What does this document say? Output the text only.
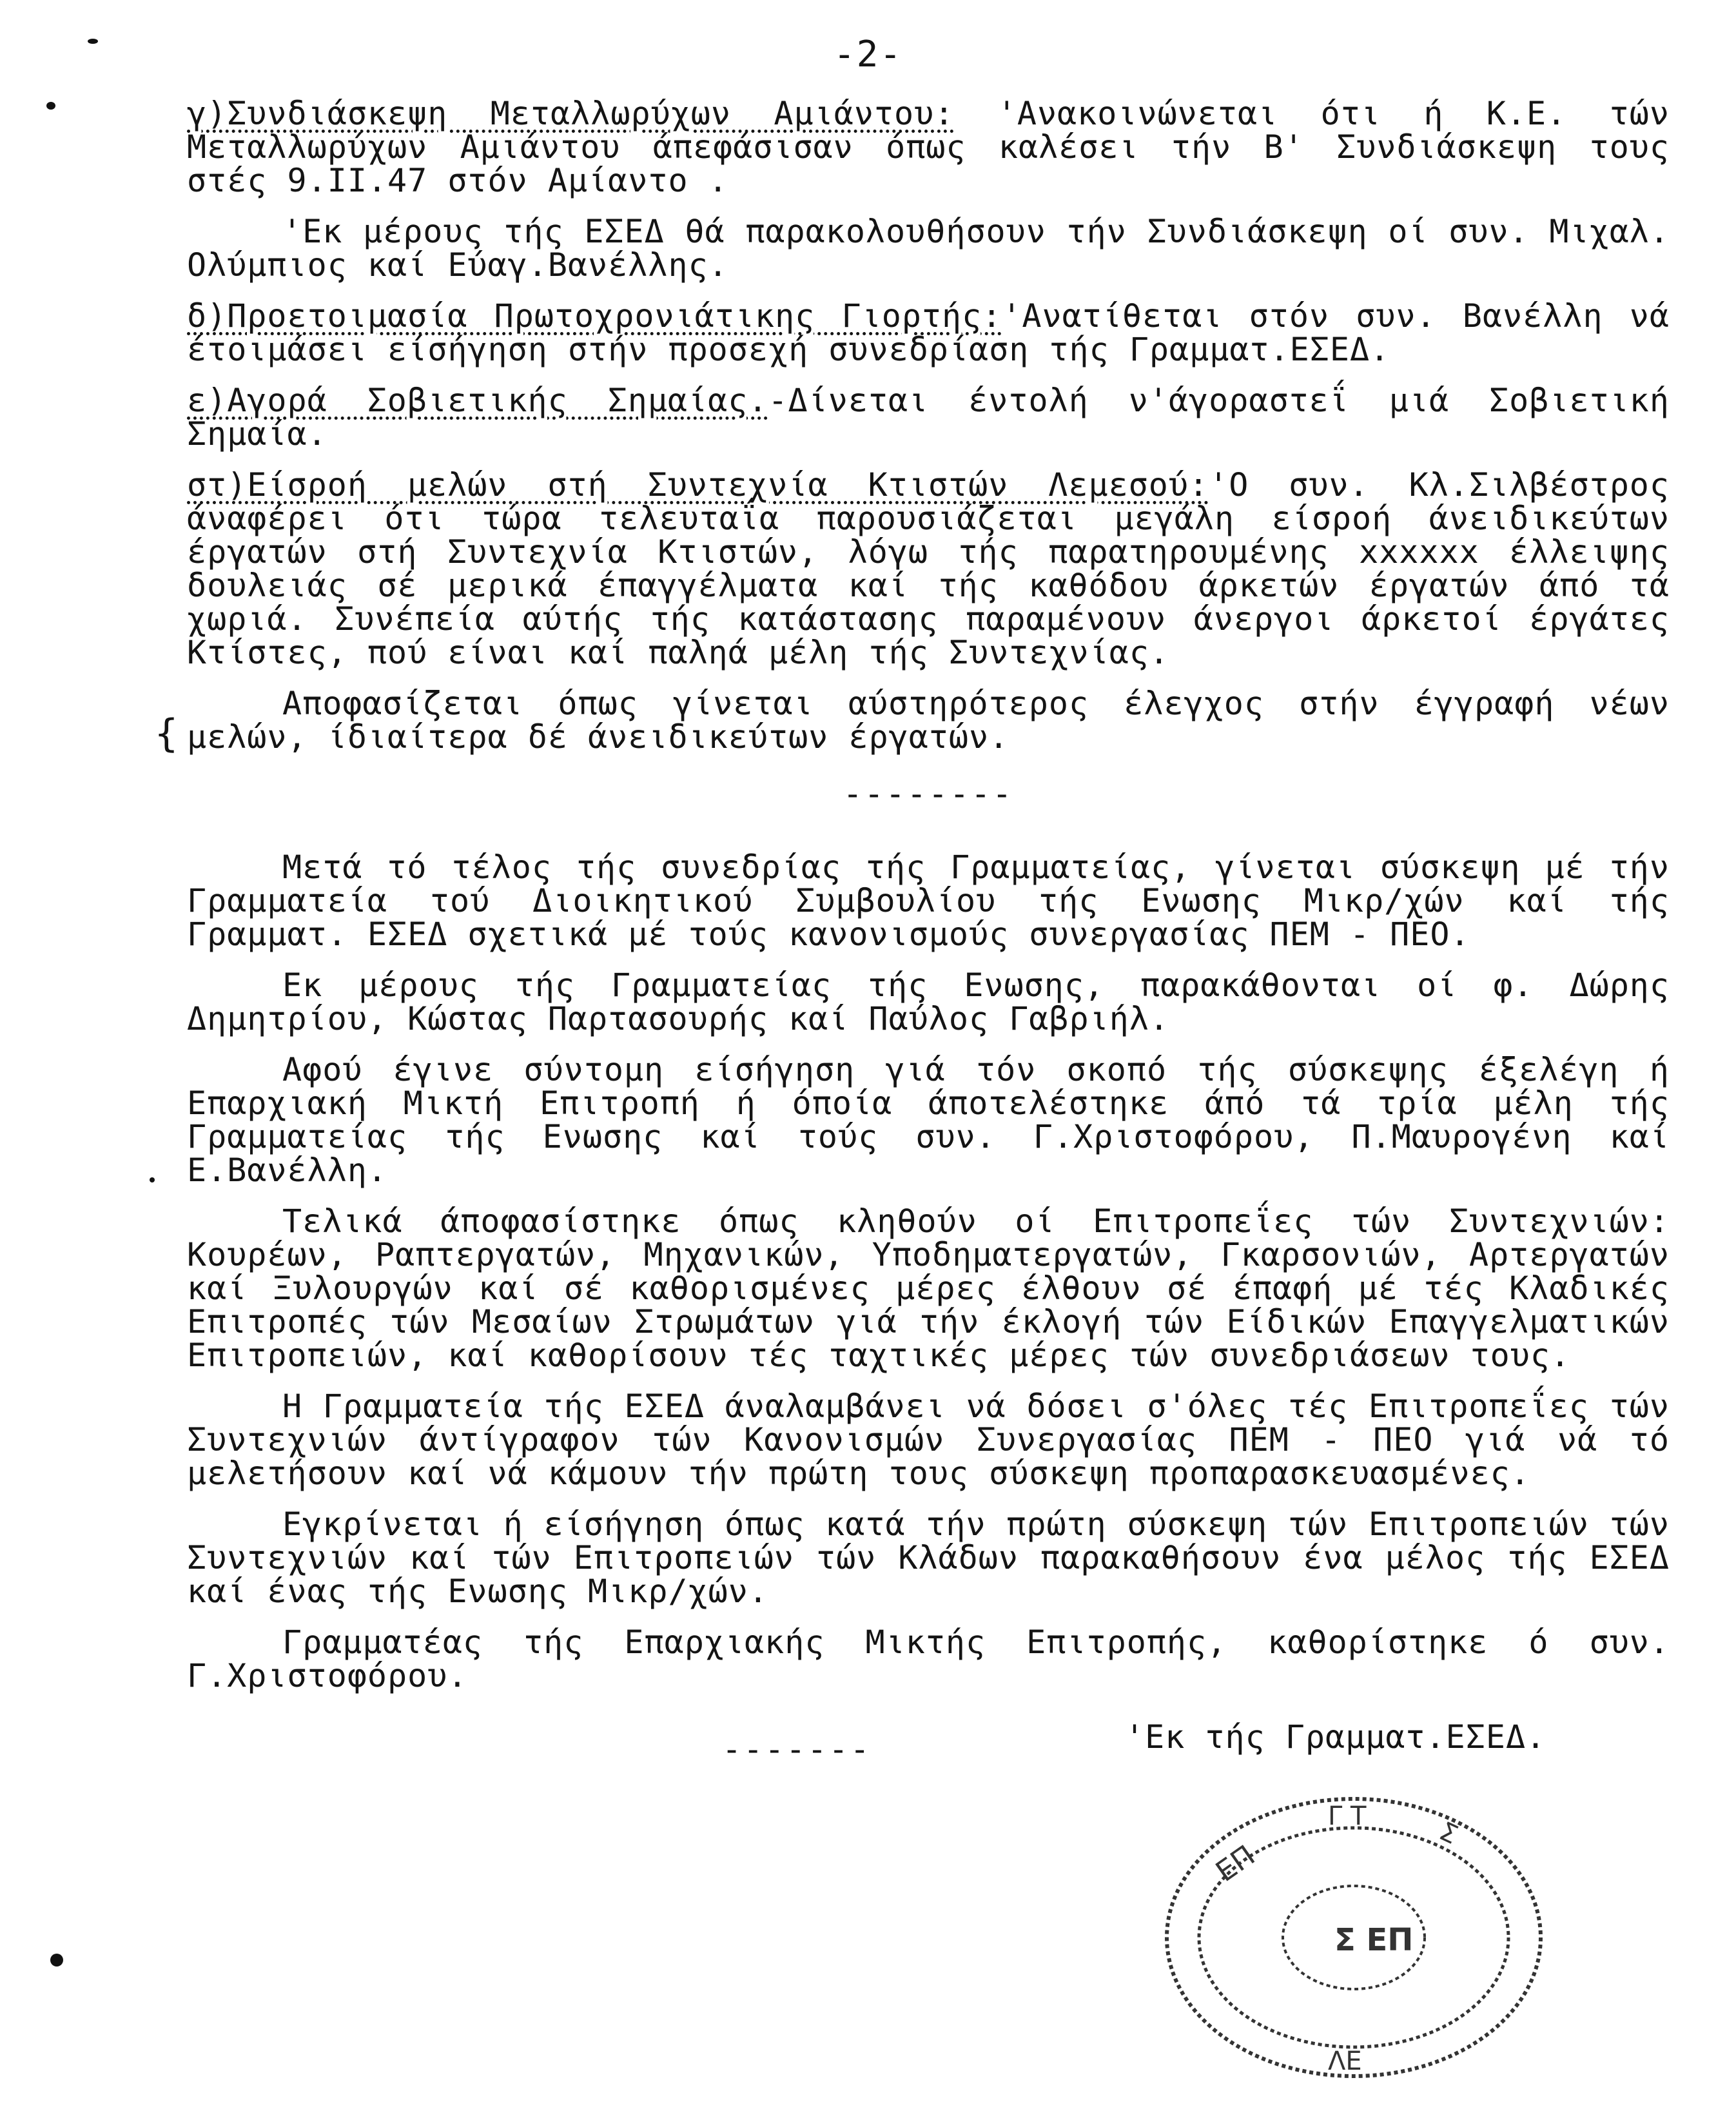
-2-
{

γ)Συνδιάσκεψη Μεταλλωρύχων Αμιάντου: 'Ανακοινώνεται ότι ή Κ.Ε. τών Μεταλλωρύχων Αμιάντου άπεφάσισαν όπως καλέσει τήν Β' Συνδιάσκεψη τους στές 9.ΙΙ.47 στόν Αμίαντο .

'Εκ μέρους τής ΕΣΕΔ θά παρακολουθήσουν τήν Συνδιάσκεψη οί συν. Μιχαλ. Ολύμπιος καί Εύαγ.Βανέλλης.

δ)Προετοιμασία Πρωτοχρονιάτικης Γιορτής:'Ανατίθεται στόν συν. Βανέλλη νά έτοιμάσει είσήγηση στήν προσεχή συνεδρίαση τής Γραμματ.ΕΣΕΔ.

ε)Αγορά Σοβιετικής Σημαίας.-Δίνεται έντολή ν'άγοραστεΐ μιά Σοβιετική Σημαία.

στ)Είσροή μελών στή Συντεχνία Κτιστών Λεμεσού:'Ο συν. Κλ.Σιλβέστρος άναφέρει ότι τώρα τελευταΐα παρουσιάζεται μεγάλη είσροή άνειδικεύτων έργατών στή Συντεχνία Κτιστών, λόγω τής παρατηρουμένης xxxxxx έλλειψης δουλειάς σέ μερικά έπαγγέλματα καί τής καθόδου άρκετών έργατών άπό τά χωριά. Συνέπεία αύτής τής κατάστασης παραμένουν άνεργοι άρκετοί έργάτες Κτίστες, πού είναι καί παληά μέλη τής Συντεχνίας.

Αποφασίζεται όπως γίνεται αύστηρότερος έλεγχος στήν έγγραφή νέων μελών, ίδιαίτερα δέ άνειδικεύτων έργατών.

--------

Μετά τό τέλος τής συνεδρίας τής Γραμματείας, γίνεται σύσκεψη μέ τήν Γραμματεία τού Διοικητικού Συμβουλίου τής Ενωσης Μικρ/χών καί τής Γραμματ. ΕΣΕΔ σχετικά μέ τούς κανονισμούς συνεργασίας ΠΕΜ - ΠΕΟ.

Εκ μέρους τής Γραμματείας τής Ενωσης, παρακάθονται οί φ. Δώρης Δημητρίου, Κώστας Παρτασουρής καί Παύλος Γαβριήλ.

Αφού έγινε σύντομη είσήγηση γιά τόν σκοπό τής σύσκεψης έξελέγη ή Επαρχιακή Μικτή Επιτροπή ή όποία άποτελέστηκε άπό τά τρία μέλη τής Γραμματείας τής Ενωσης καί τούς συν. Γ.Χριστοφόρου, Π.Μαυρογένη καί Ε.Βανέλλη.

Τελικά άποφασίστηκε όπως κληθούν οί Επιτροπεΐες τών Συντεχνιών: Κουρέων, Ραπτεργατών, Μηχανικών, Υποδηματεργατών, Γκαρσονιών, Αρτεργατών καί Ξυλουργών καί σέ καθορισμένες μέρες έλθουν σέ έπαφή μέ τές Κλαδικές Επιτροπές τών Μεσαίων Στρωμάτων γιά τήν έκλογή τών Είδικών Επαγγελματικών Επιτροπειών, καί καθορίσουν τές ταχτικές μέρες τών συνεδριάσεων τους.

Η Γραμματεία τής ΕΣΕΔ άναλαμβάνει νά δόσει σ'όλες τές Επιτροπεΐες τών Συντεχνιών άντίγραφον τών Κανονισμών Συνεργασίας ΠΕΜ - ΠΕΟ γιά νά τό μελετήσουν καί νά κάμουν τήν πρώτη τους σύσκεψη προπαρασκευασμένες.

Εγκρίνεται ή είσήγηση όπως κατά τήν πρώτη σύσκεψη τών Επιτροπειών τών Συντεχνιών καί τών Επιτροπειών τών Κλάδων παρακαθήσουν ένα μέλος τής ΕΣΕΔ καί ένας τής Ενωσης Μικρ/χών.

Γραμματέας τής Επαρχιακής Μικτής Επιτροπής, καθορίστηκε ό συν. Γ.Χριστοφόρου.

-------	'Εκ τής Γραμματ.ΕΣΕΔ.
ΕΠ
Γ Τ
Σ
Σ ΕΠ
ΛΕ
